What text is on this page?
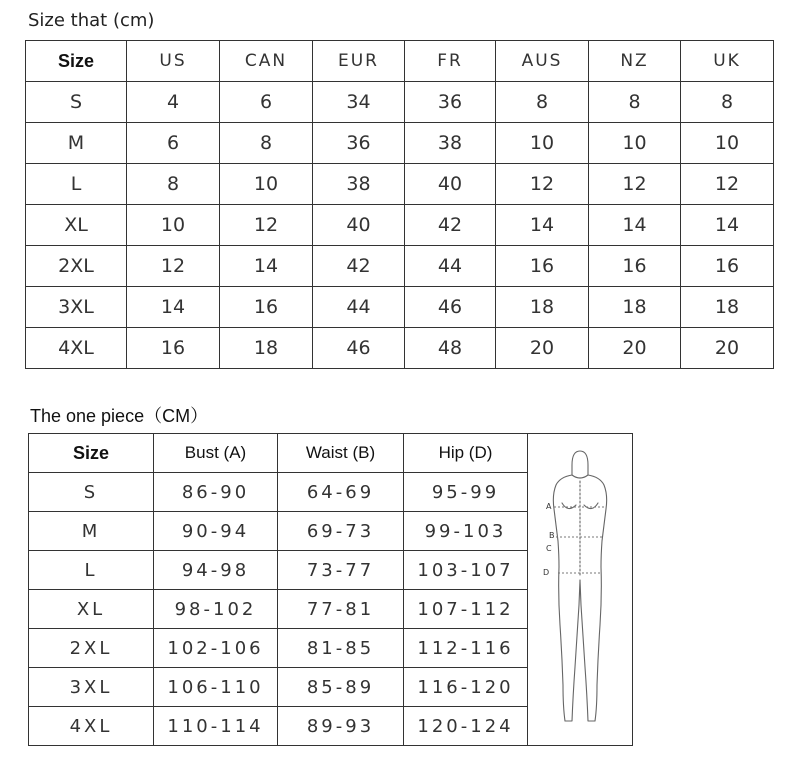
Size that (cm)
Size	US	CAN	EUR	FR	AUS	NZ	UK
S	4	6	34	36	8	8	8
M	6	8	36	38	10	10	10
L	8	10	38	40	12	12	12
XL	10	12	40	42	14	14	14
2XL	12	14	42	44	16	16	16
3XL	14	16	44	46	18	18	18
4XL	16	18	46	48	20	20	20
The one piece（CM）
Size	Bust (A)	Waist (B)	Hip (D)	A
B
C
D

S	86-90	64-69	95-99	
M	90-94	69-73	99-103	
L	94-98	73-77	103-107	
XL	98-102	77-81	107-112	
2XL	102-106	81-85	112-116	
3XL	106-110	85-89	116-120	
4XL	110-114	89-93	120-124	
